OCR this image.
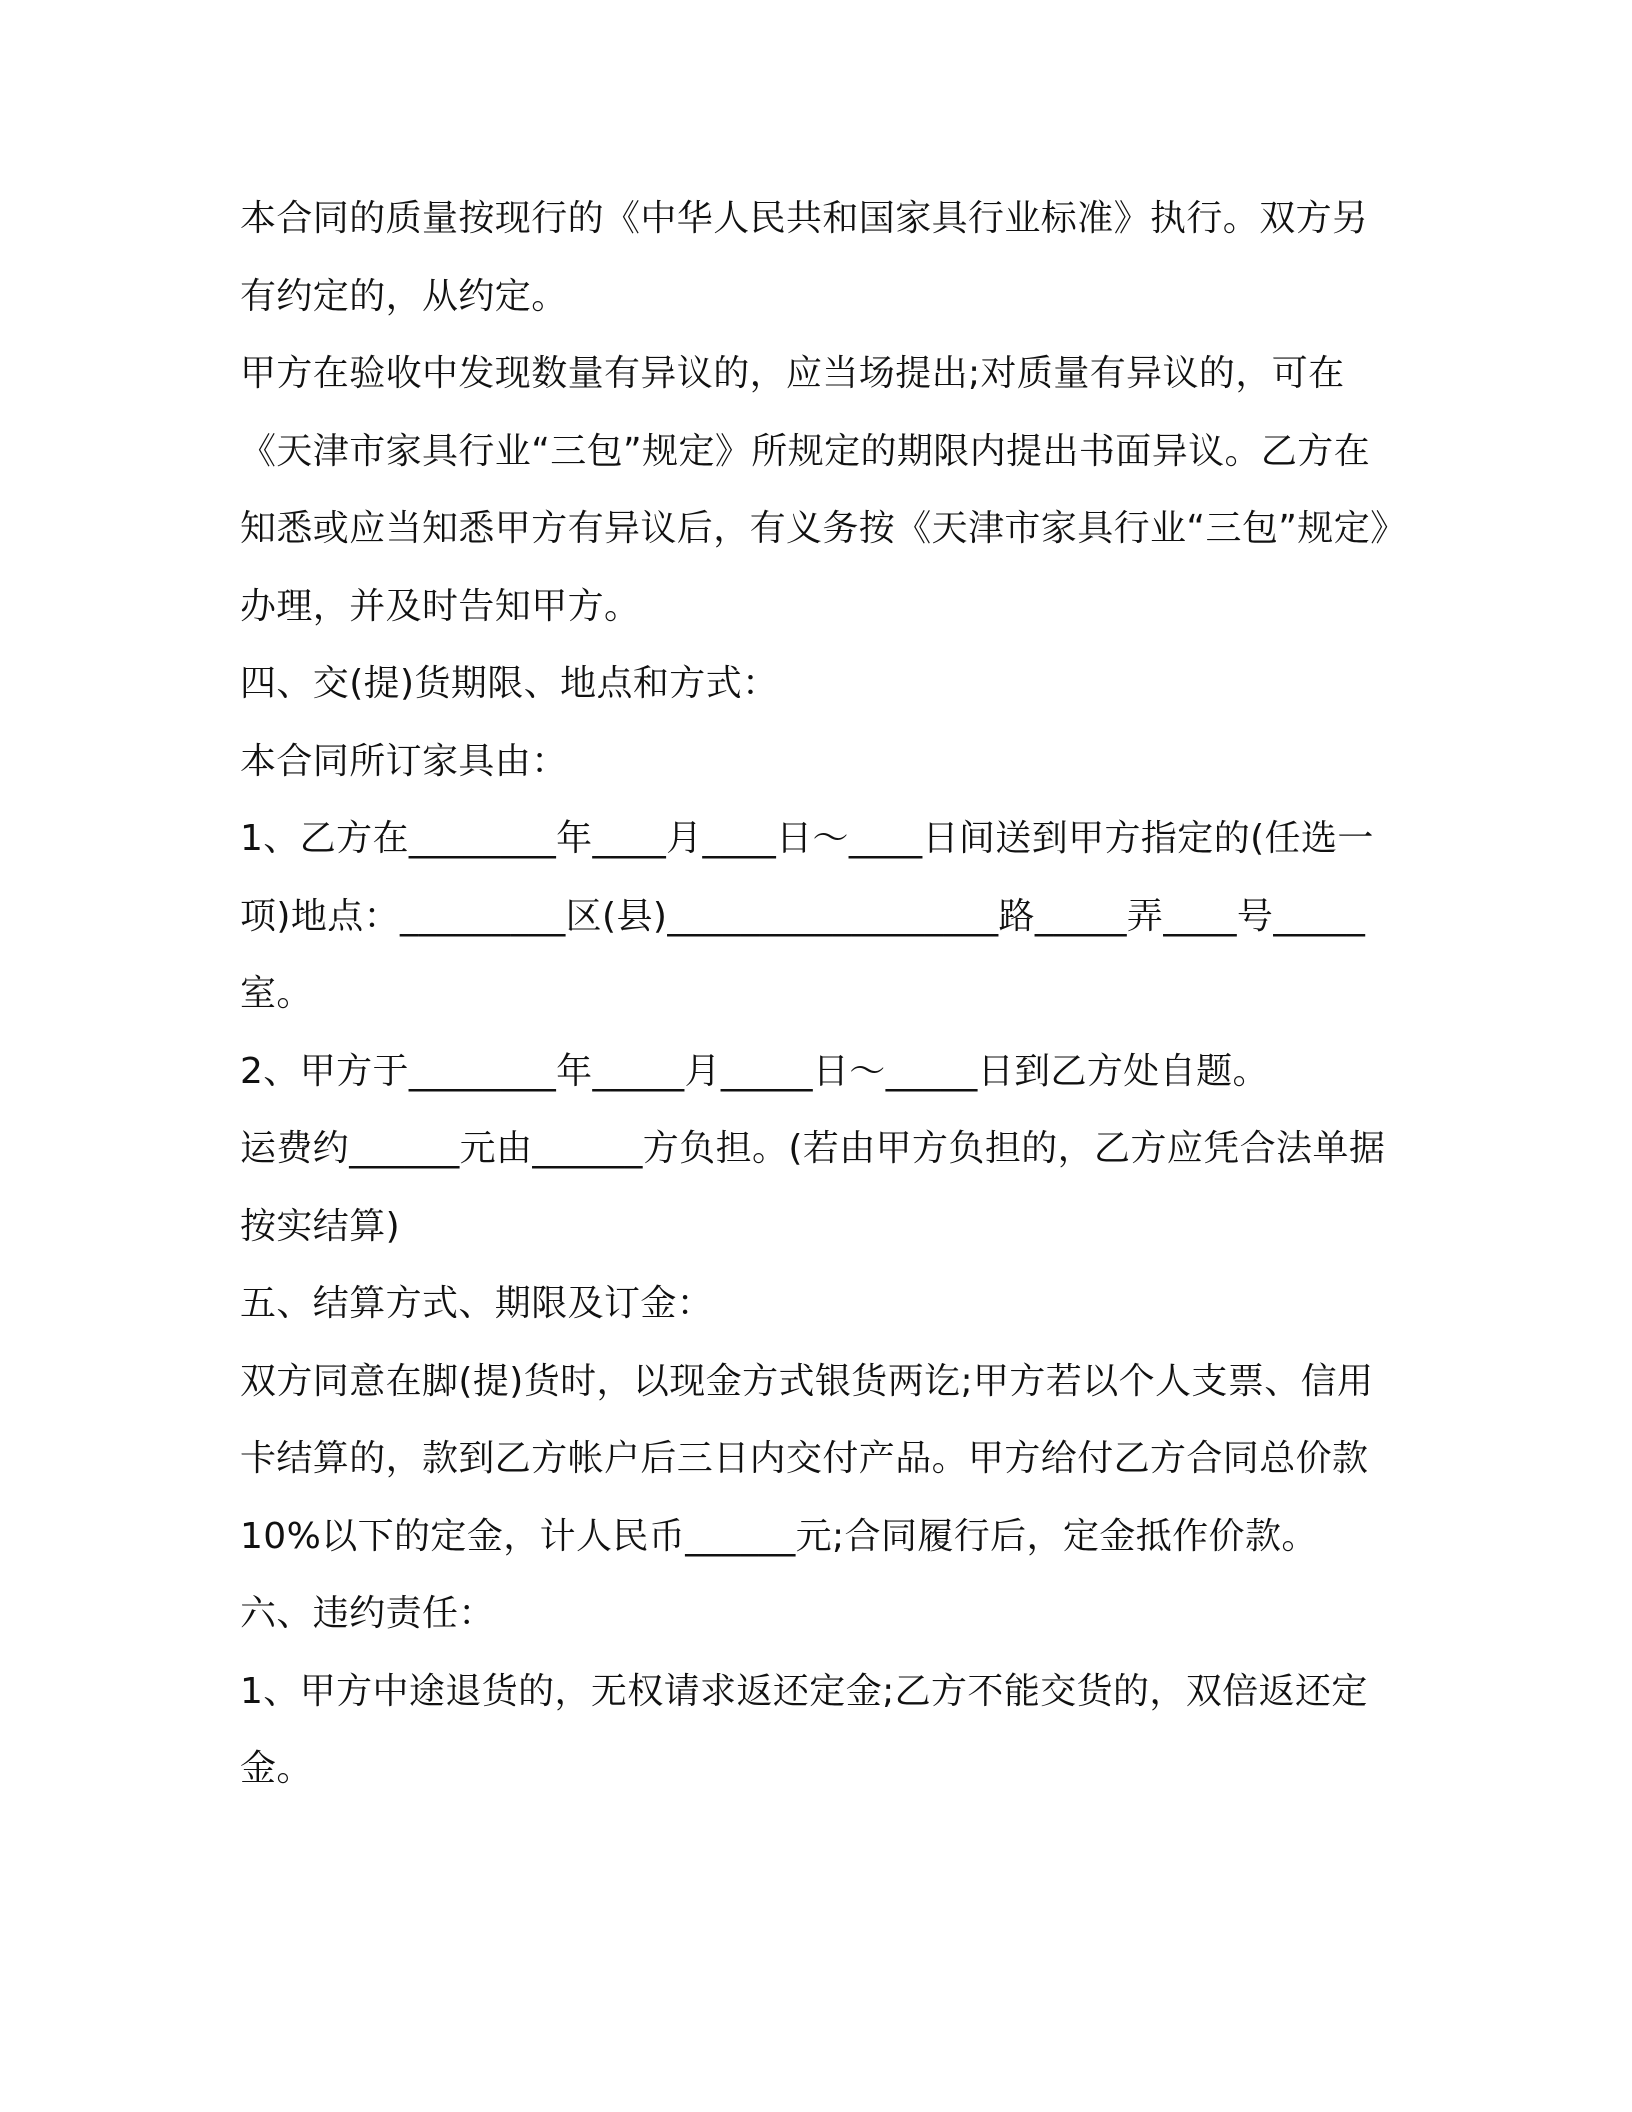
本合同的质量按现行的《中华人民共和国家具行业标准》执行。双方另有约定的，从约定。

甲方在验收中发现数量有异议的，应当场提出;对质量有异议的，可在《天津市家具行业“三包”规定》所规定的期限内提出书面异议。乙方在知悉或应当知悉甲方有异议后，有义务按《天津市家具行业“三包”规定》办理，并及时告知甲方。

四、交(提)货期限、地点和方式：

本合同所订家具由：

1、乙方在________年____月____日～____日间送到甲方指定的(任选一项)地点：_________区(县)__________________路_____弄____号_____室。

2、甲方于________年_____月_____日～_____日到乙方处自题。

运费约______元由______方负担。(若由甲方负担的，乙方应凭合法单据按实结算)

五、结算方式、期限及订金：

双方同意在脚(提)货时，以现金方式银货两讫;甲方若以个人支票、信用卡结算的，款到乙方帐户后三日内交付产品。甲方给付乙方合同总价款 10%以下的定金，计人民币______元;合同履行后，定金抵作价款。

六、违约责任：

1、甲方中途退货的，无权请求返还定金;乙方不能交货的，双倍返还定金。
